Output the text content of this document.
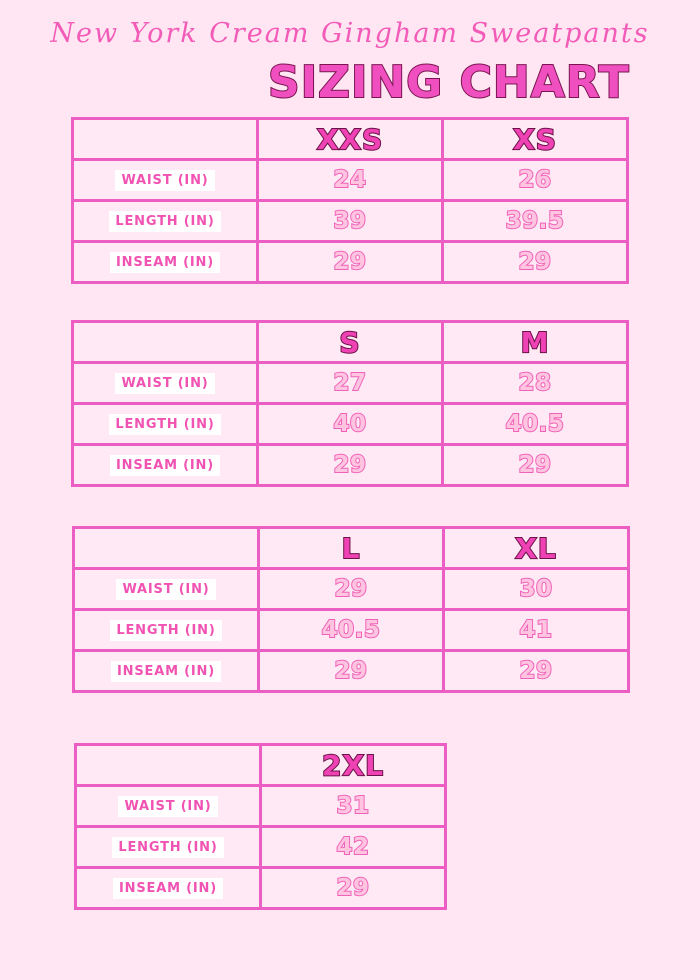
New York Cream Gingham Sweatpants
SIZING CHART
	XXS	XS
WAIST (IN)	24	26
LENGTH (IN)	39	39.5
INSEAM (IN)	29	29
	S	M
WAIST (IN)	27	28
LENGTH (IN)	40	40.5
INSEAM (IN)	29	29
	L	XL
WAIST (IN)	29	30
LENGTH (IN)	40.5	41
INSEAM (IN)	29	29
	2XL
WAIST (IN)	31
LENGTH (IN)	42
INSEAM (IN)	29
